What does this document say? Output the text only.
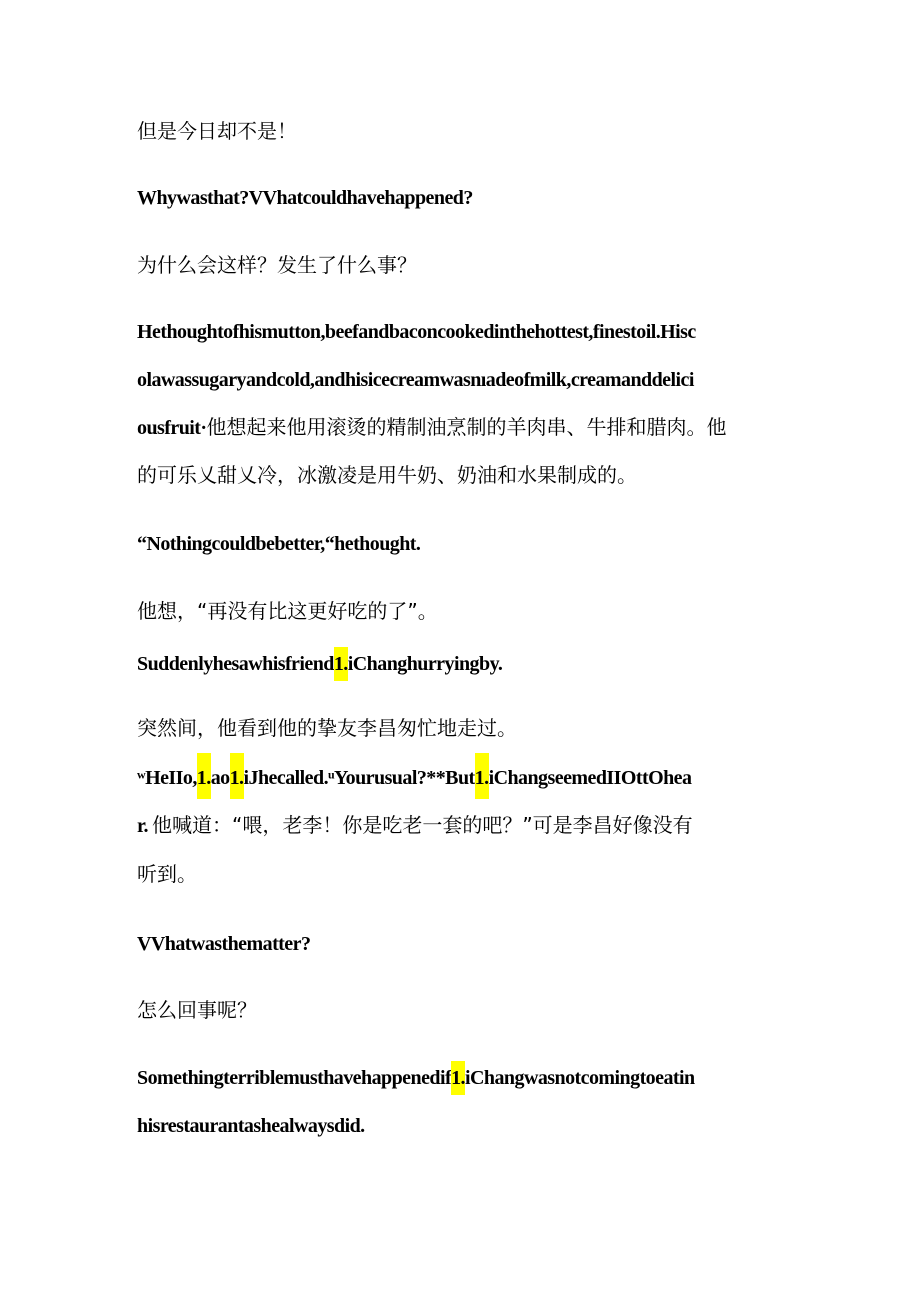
但是今日却不是！

Whywasthat?VVhatcouldhavehappened?

为什么会这样？发生了什么事？

Hethoughtofhismutton,beefandbaconcookedinthehottest,finestoil.Hisc

olawassugaryandcold,andhisicecreamwasnıadeofmilk,creamanddelici

ousfruit·他想起来他用滚烫的精制油烹制的羊肉串、牛排和腊肉。他

的可乐乂甜乂冷，冰激凌是用牛奶、奶油和水果制成的。

“Nothingcouldbebetter,“hethought.

他想，“再没有比这更好吃的了”。

Suddenlyhesawhisfriend1.iChanghurryingby.

突然间，他看到他的挚友李昌匆忙地走过。

ʷHeIIo,1.ao1.iJhecalled.ᵘYourusual?**But1.iChangseemedIIOttOhea

r. 他喊道：“喂，老李！你是吃老一套的吧？”可是李昌好像没有

听到。

VVhatwasthematter?

怎么回事呢？

Somethingterriblemusthavehappenedif1.iChangwasnotcomingtoeatin

hisrestaurantashealwaysdid.
